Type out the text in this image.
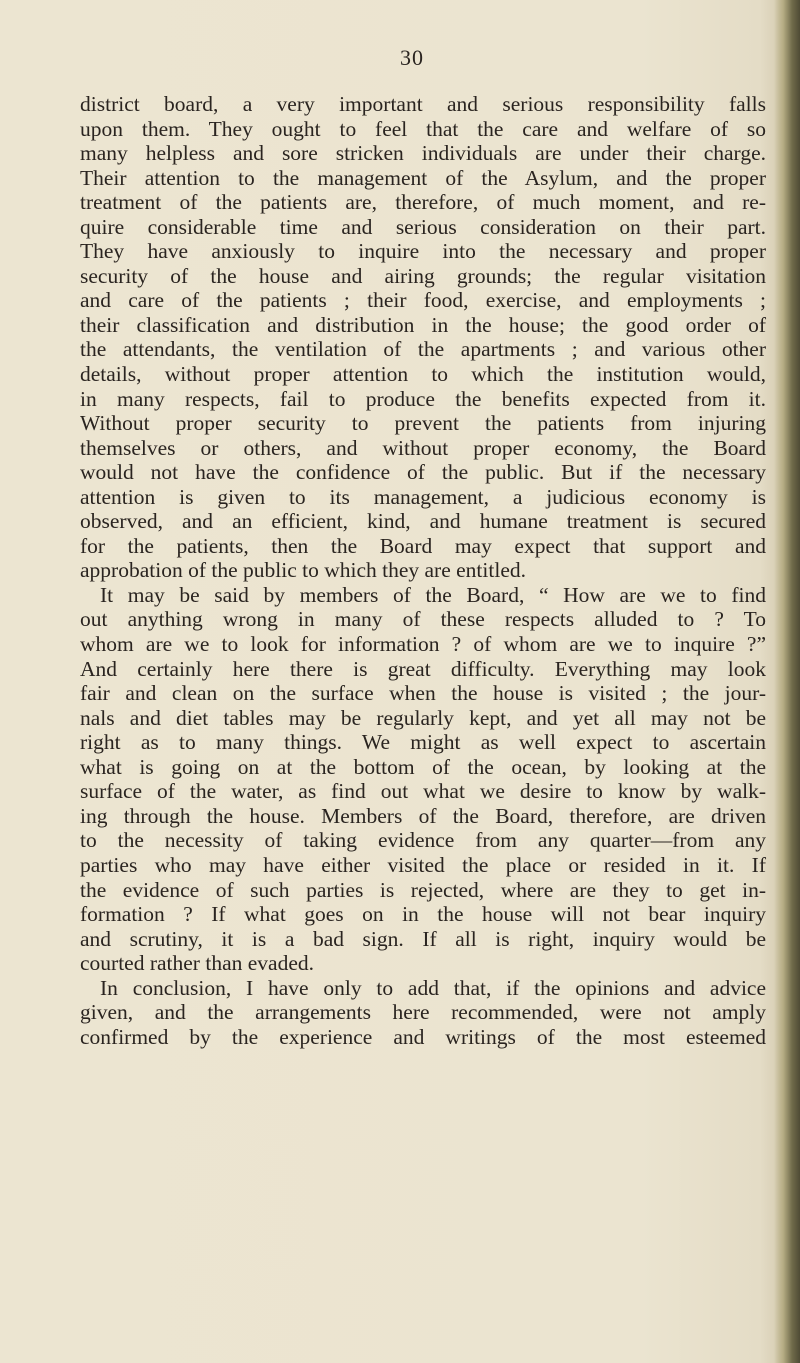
30
district board, a very important and serious responsibility falls
upon them. They ought to feel that the care and welfare of so
many helpless and sore stricken individuals are under their charge.
Their attention to the management of the Asylum, and the proper
treatment of the patients are, therefore, of much moment, and re-
quire considerable time and serious consideration on their part.
They have anxiously to inquire into the necessary and proper
security of the house and airing grounds; the regular visitation
and care of the patients ; their food, exercise, and employments ;
their classification and distribution in the house; the good order of
the attendants, the ventilation of the apartments ; and various other
details, without proper attention to which the institution would,
in many respects, fail to produce the benefits expected from it.
Without proper security to prevent the patients from injuring
themselves or others, and without proper economy, the Board
would not have the confidence of the public. But if the necessary
attention is given to its management, a judicious economy is
observed, and an efficient, kind, and humane treatment is secured
for the patients, then the Board may expect that support and
approbation of the public to which they are entitled.
It may be said by members of the Board, “ How are we to find
out anything wrong in many of these respects alluded to ? To
whom are we to look for information ? of whom are we to inquire ?”
And certainly here there is great difficulty. Everything may look
fair and clean on the surface when the house is visited ; the jour-
nals and diet tables may be regularly kept, and yet all may not be
right as to many things. We might as well expect to ascertain
what is going on at the bottom of the ocean, by looking at the
surface of the water, as find out what we desire to know by walk-
ing through the house. Members of the Board, therefore, are driven
to the necessity of taking evidence from any quarter—from any
parties who may have either visited the place or resided in it. If
the evidence of such parties is rejected, where are they to get in-
formation ? If what goes on in the house will not bear inquiry
and scrutiny, it is a bad sign. If all is right, inquiry would be
courted rather than evaded.
In conclusion, I have only to add that, if the opinions and advice
given, and the arrangements here recommended, were not amply
confirmed by the experience and writings of the most esteemed
